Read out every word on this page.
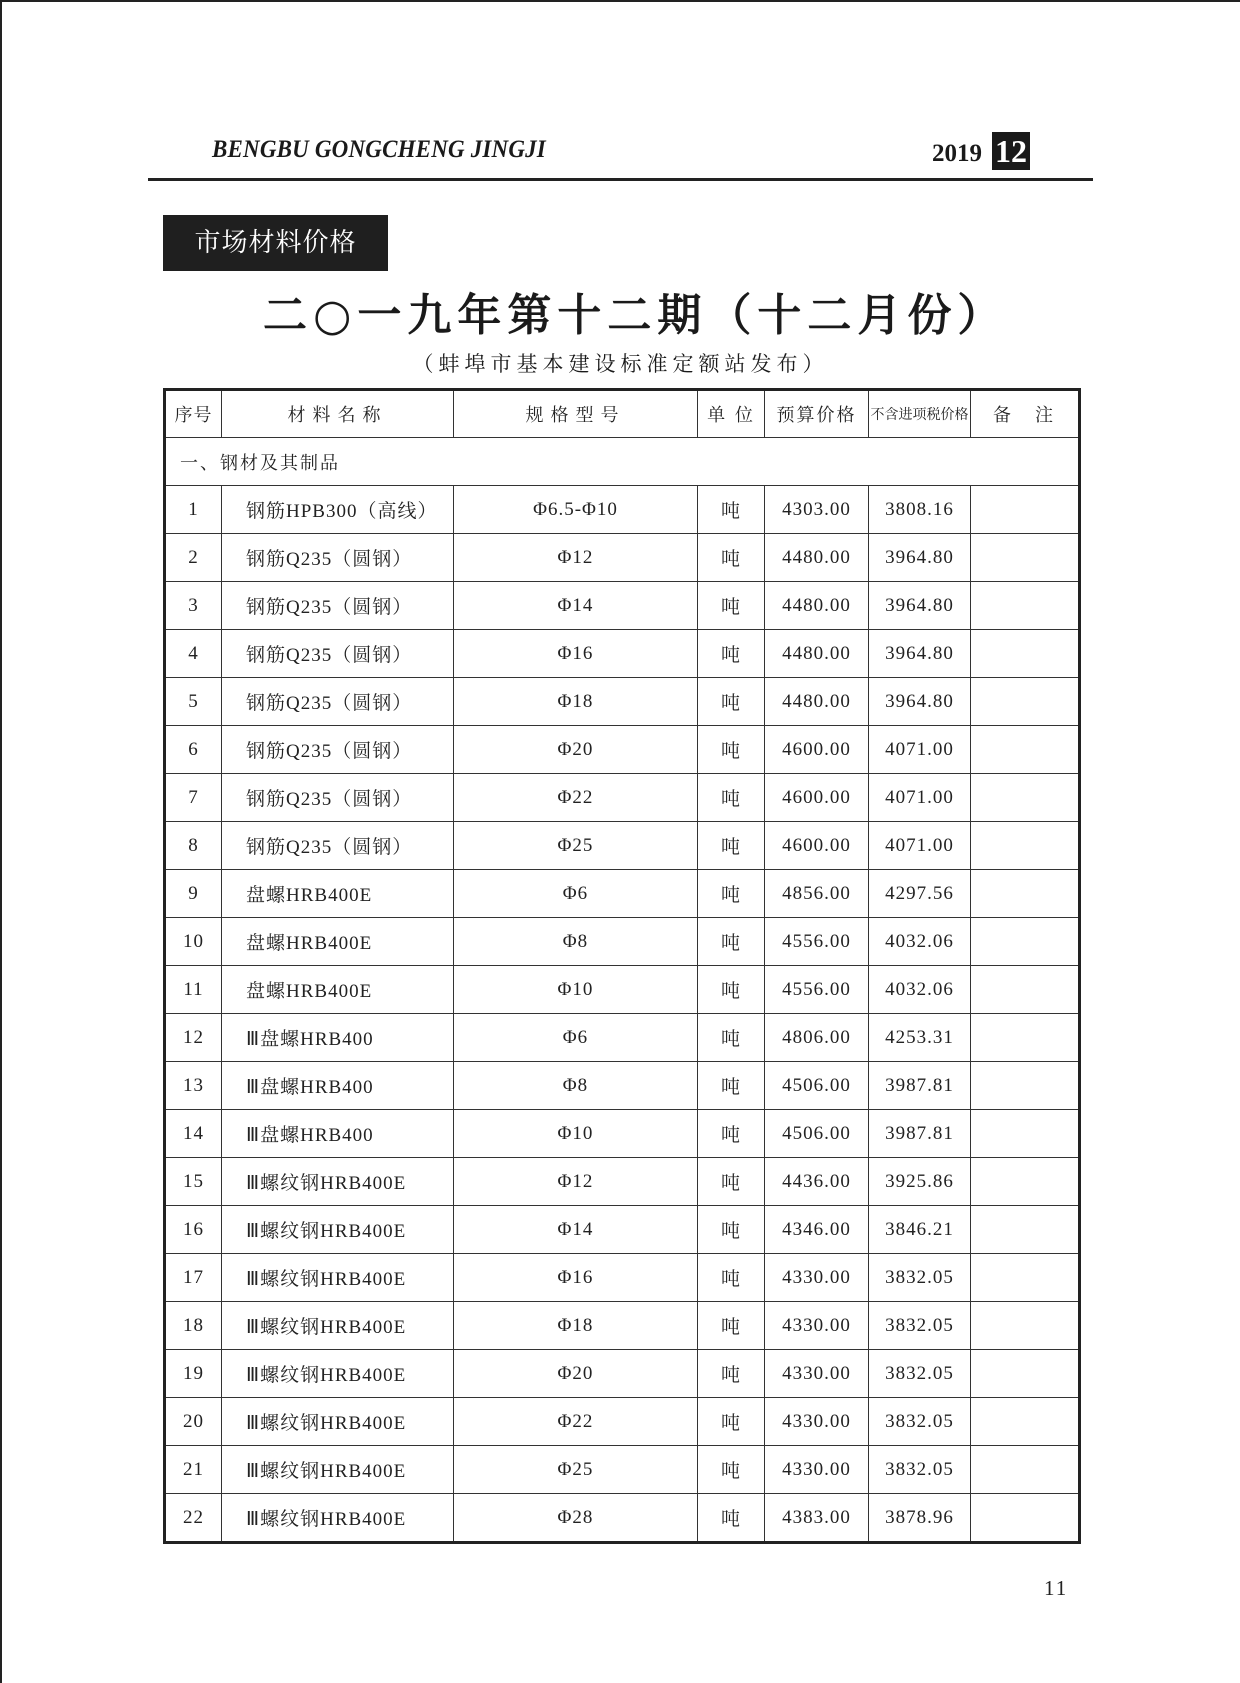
BENGBU GONGCHENG JINGJI	2019 12
市场材料价格
二○一九年第十二期（十二月份）
（蚌埠市基本建设标准定额站发布）
序号	材料名称	规格型号	单 位	预算价格	不含进项税价格	备　注
一、钢材及其制品						
1	钢筋HPB300（高线）	Φ6.5-Φ10	吨	4303.00	3808.16	
2	钢筋Q235（圆钢）	Φ12	吨	4480.00	3964.80	
3	钢筋Q235（圆钢）	Φ14	吨	4480.00	3964.80	
4	钢筋Q235（圆钢）	Φ16	吨	4480.00	3964.80	
5	钢筋Q235（圆钢）	Φ18	吨	4480.00	3964.80	
6	钢筋Q235（圆钢）	Φ20	吨	4600.00	4071.00	
7	钢筋Q235（圆钢）	Φ22	吨	4600.00	4071.00	
8	钢筋Q235（圆钢）	Φ25	吨	4600.00	4071.00	
9	盘螺HRB400E	Φ6	吨	4856.00	4297.56	
10	盘螺HRB400E	Φ8	吨	4556.00	4032.06	
11	盘螺HRB400E	Φ10	吨	4556.00	4032.06	
12	Ⅲ盘螺HRB400	Φ6	吨	4806.00	4253.31	
13	Ⅲ盘螺HRB400	Φ8	吨	4506.00	3987.81	
14	Ⅲ盘螺HRB400	Φ10	吨	4506.00	3987.81	
15	Ⅲ螺纹钢HRB400E	Φ12	吨	4436.00	3925.86	
16	Ⅲ螺纹钢HRB400E	Φ14	吨	4346.00	3846.21	
17	Ⅲ螺纹钢HRB400E	Φ16	吨	4330.00	3832.05	
18	Ⅲ螺纹钢HRB400E	Φ18	吨	4330.00	3832.05	
19	Ⅲ螺纹钢HRB400E	Φ20	吨	4330.00	3832.05	
20	Ⅲ螺纹钢HRB400E	Φ22	吨	4330.00	3832.05	
21	Ⅲ螺纹钢HRB400E	Φ25	吨	4330.00	3832.05	
22	Ⅲ螺纹钢HRB400E	Φ28	吨	4383.00	3878.96	
11
